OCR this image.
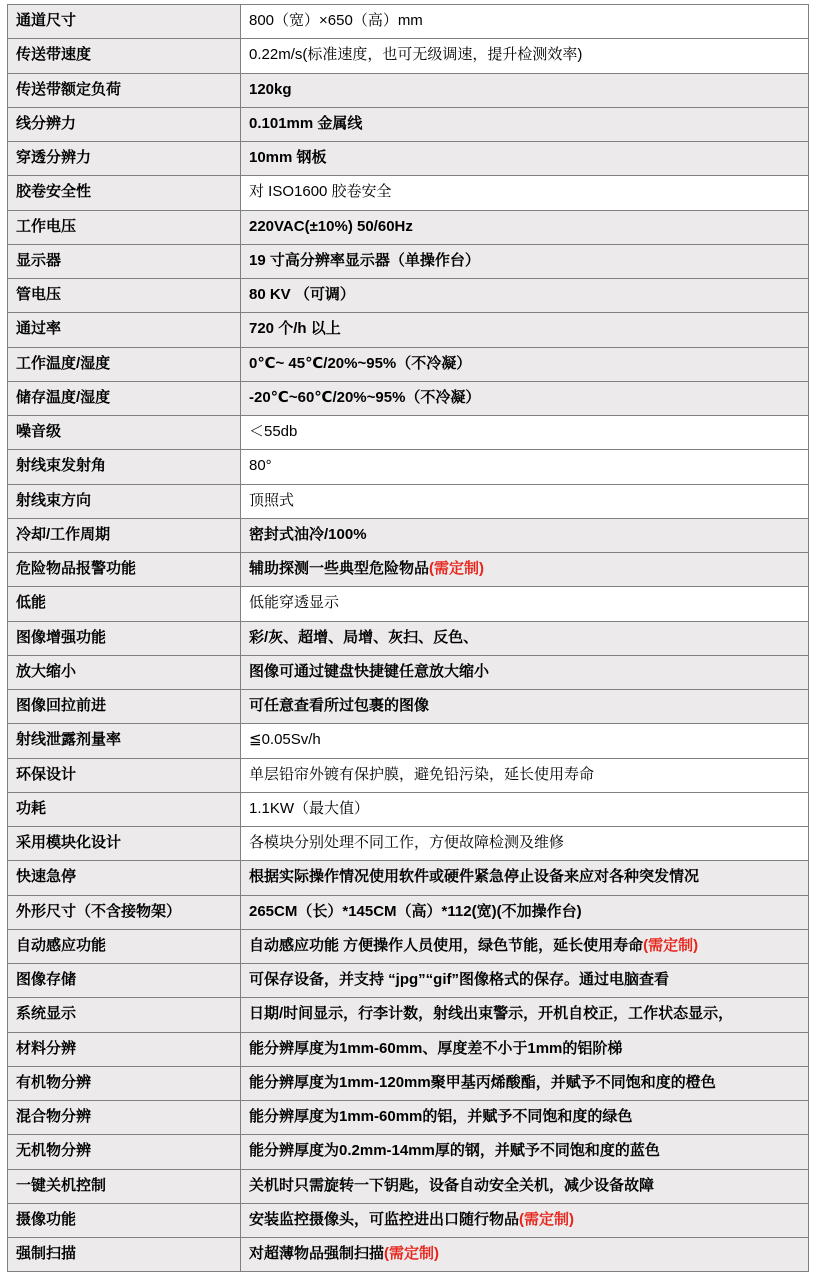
通道尺寸	800（宽）×650（高）mm
传送带速度	0.22m/s(标准速度，也可无级调速，提升检测效率)
传送带额定负荷	120kg
线分辨力	0.101mm 金属线
穿透分辨力	10mm 钢板
胶卷安全性	对 ISO1600 胶卷安全
工作电压	220VAC(±10%) 50/60Hz
显示器	19 寸高分辨率显示器（单操作台）
管电压	80 KV （可调）
通过率	720 个/h 以上
工作温度/湿度	0℃~ 45℃/20%~95%（不冷凝）
储存温度/湿度	-20℃~60℃/20%~95%（不冷凝）
噪音级	＜55db
射线束发射角	80°
射线束方向	顶照式
冷却/工作周期	密封式油冷/100%
危险物品报警功能	辅助探测一些典型危险物品(需定制)
低能	低能穿透显示
图像增强功能	彩/灰、超增、局增、灰扫、反色、
放大缩小	图像可通过键盘快捷键任意放大缩小
图像回拉前进	可任意查看所过包裹的图像
射线泄露剂量率	≦0.05Sv/h
环保设计	单层铅帘外镀有保护膜，避免铅污染，延长使用寿命
功耗	1.1KW（最大值）
采用模块化设计	各模块分别处理不同工作，方便故障检测及维修
快速急停	根据实际操作情况使用软件或硬件紧急停止设备来应对各种突发情况
外形尺寸（不含接物架）	265CM（长）*145CM（高）*112(宽)(不加操作台)
自动感应功能	自动感应功能 方便操作人员使用，绿色节能，延长使用寿命(需定制)
图像存储	可保存设备，并支持 “jpg”“gif”图像格式的保存。通过电脑查看
系统显示	日期/时间显示，行李计数，射线出束警示，开机自校正，工作状态显示，
材料分辨	能分辨厚度为1mm-60mm、厚度差不小于1mm的铝阶梯
有机物分辨	能分辨厚度为1mm-120mm聚甲基丙烯酸酯，并赋予不同饱和度的橙色
混合物分辨	能分辨厚度为1mm-60mm的铝，并赋予不同饱和度的绿色
无机物分辨	能分辨厚度为0.2mm-14mm厚的钢，并赋予不同饱和度的蓝色
一键关机控制	关机时只需旋转一下钥匙，设备自动安全关机，减少设备故障
摄像功能	安装监控摄像头，可监控进出口随行物品(需定制)
强制扫描	对超薄物品强制扫描(需定制)
